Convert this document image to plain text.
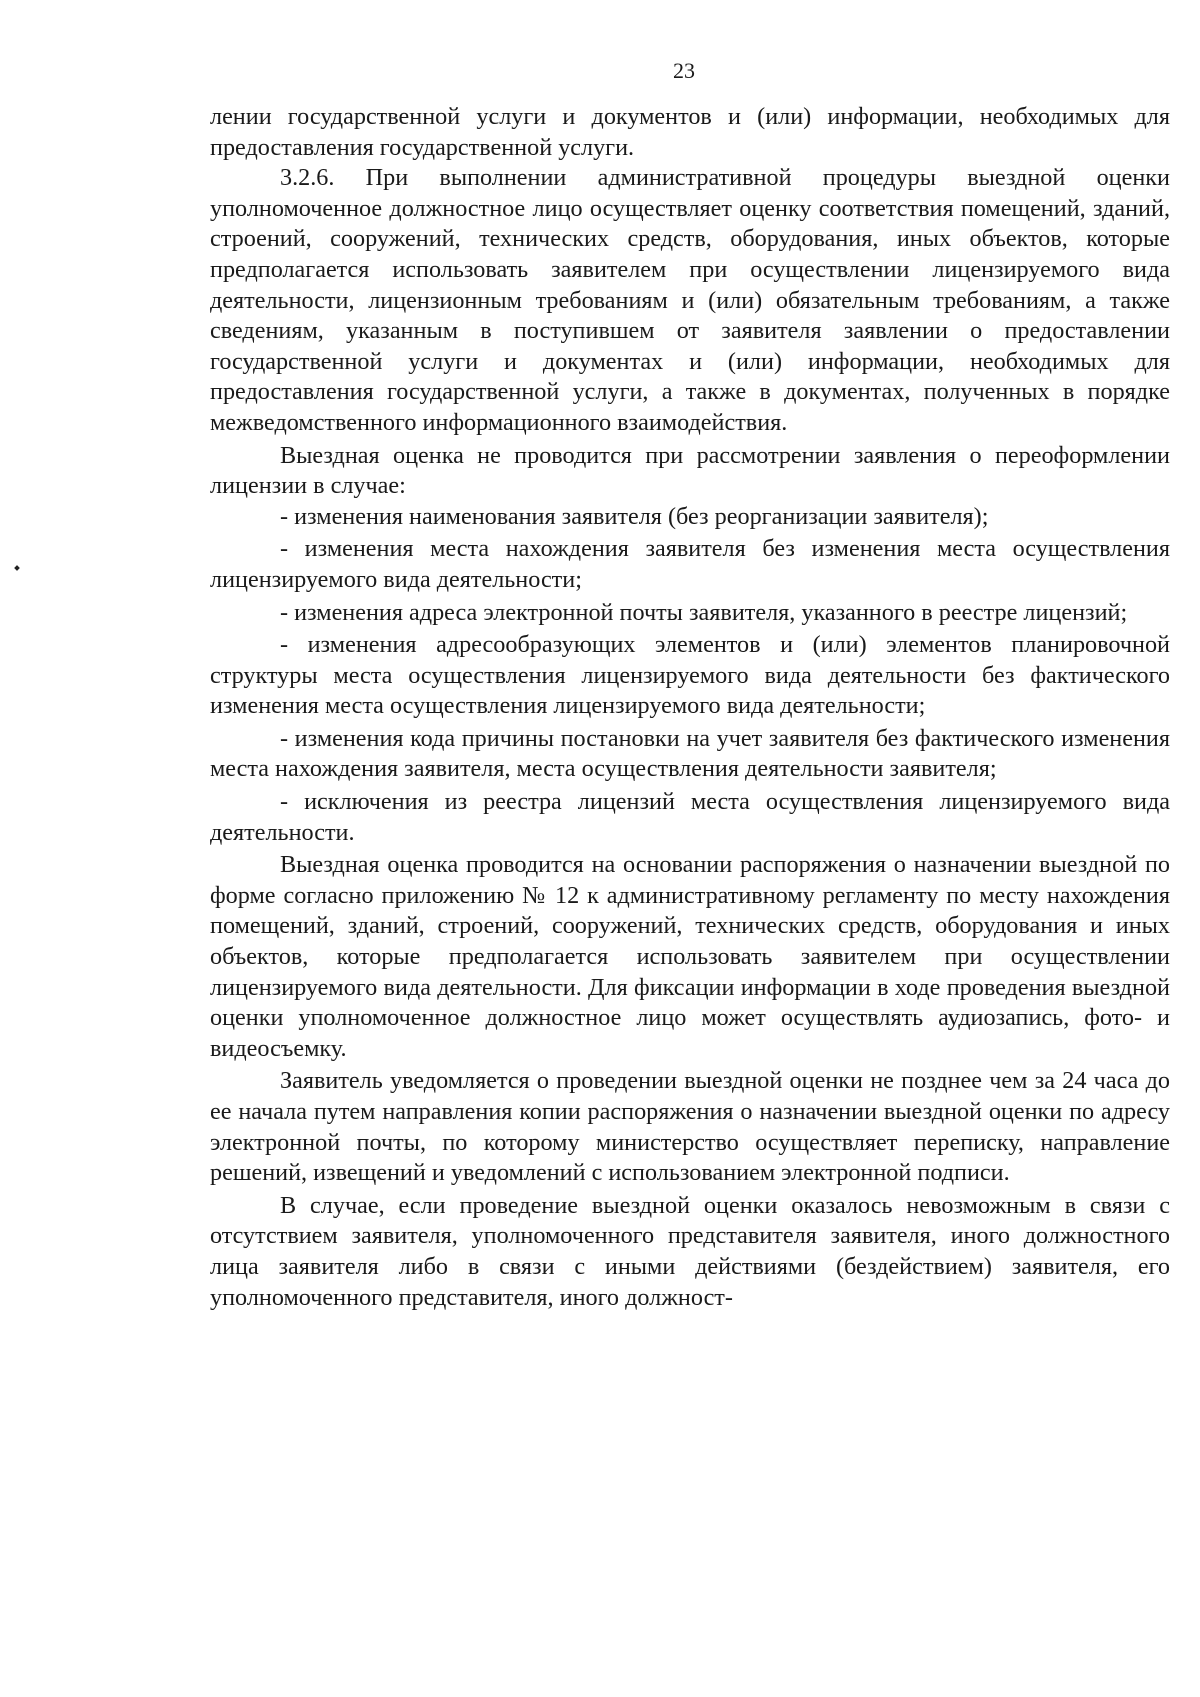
23

лении государственной услуги и документов и (или) информации, необходимых для предоставления государственной услуги.

3.2.6. При выполнении административной процедуры выездной оценки уполномоченное должностное лицо осуществляет оценку соответствия помещений, зданий, строений, сооружений, технических средств, оборудования, иных объектов, которые предполагается использовать заявителем при осуществлении лицензируемого вида деятельности, лицензионным требованиям и (или) обязательным требованиям, а также сведениям, указанным в поступившем от заявителя заявлении о предоставлении государственной услуги и документах и (или) информации, необходимых для предоставления государственной услуги, а также в документах, полученных в порядке межведомственного информационного взаимодействия.

Выездная оценка не проводится при рассмотрении заявления о переоформлении лицензии в случае:

- изменения наименования заявителя (без реорганизации заявителя);

- изменения места нахождения заявителя без изменения места осуществления лицензируемого вида деятельности;

- изменения адреса электронной почты заявителя, указанного в реестре лицензий;

- изменения адресообразующих элементов и (или) элементов планировочной структуры места осуществления лицензируемого вида деятельности без фактического изменения места осуществления лицензируемого вида деятельности;

- изменения кода причины постановки на учет заявителя без фактического изменения места нахождения заявителя, места осуществления деятельности заявителя;

- исключения из реестра лицензий места осуществления лицензируемого вида деятельности.

Выездная оценка проводится на основании распоряжения о назначении выездной по форме согласно приложению № 12 к административному регламенту по месту нахождения помещений, зданий, строений, сооружений, технических средств, оборудования и иных объектов, которые предполагается использовать заявителем при осуществлении лицензируемого вида деятельности. Для фиксации информации в ходе проведения выездной оценки уполномоченное должностное лицо может осуществлять аудиозапись, фото- и видеосъемку.

Заявитель уведомляется о проведении выездной оценки не позднее чем за 24 часа до ее начала путем направления копии распоряжения о назначении выездной оценки по адресу электронной почты, по которому министерство осуществляет переписку, направление решений, извещений и уведомлений с использованием электронной подписи.

В случае, если проведение выездной оценки оказалось невозможным в связи с отсутствием заявителя, уполномоченного представителя заявителя, иного должностного лица заявителя либо в связи с иными действиями (бездействием) заявителя, его уполномоченного представителя, иного должност-
